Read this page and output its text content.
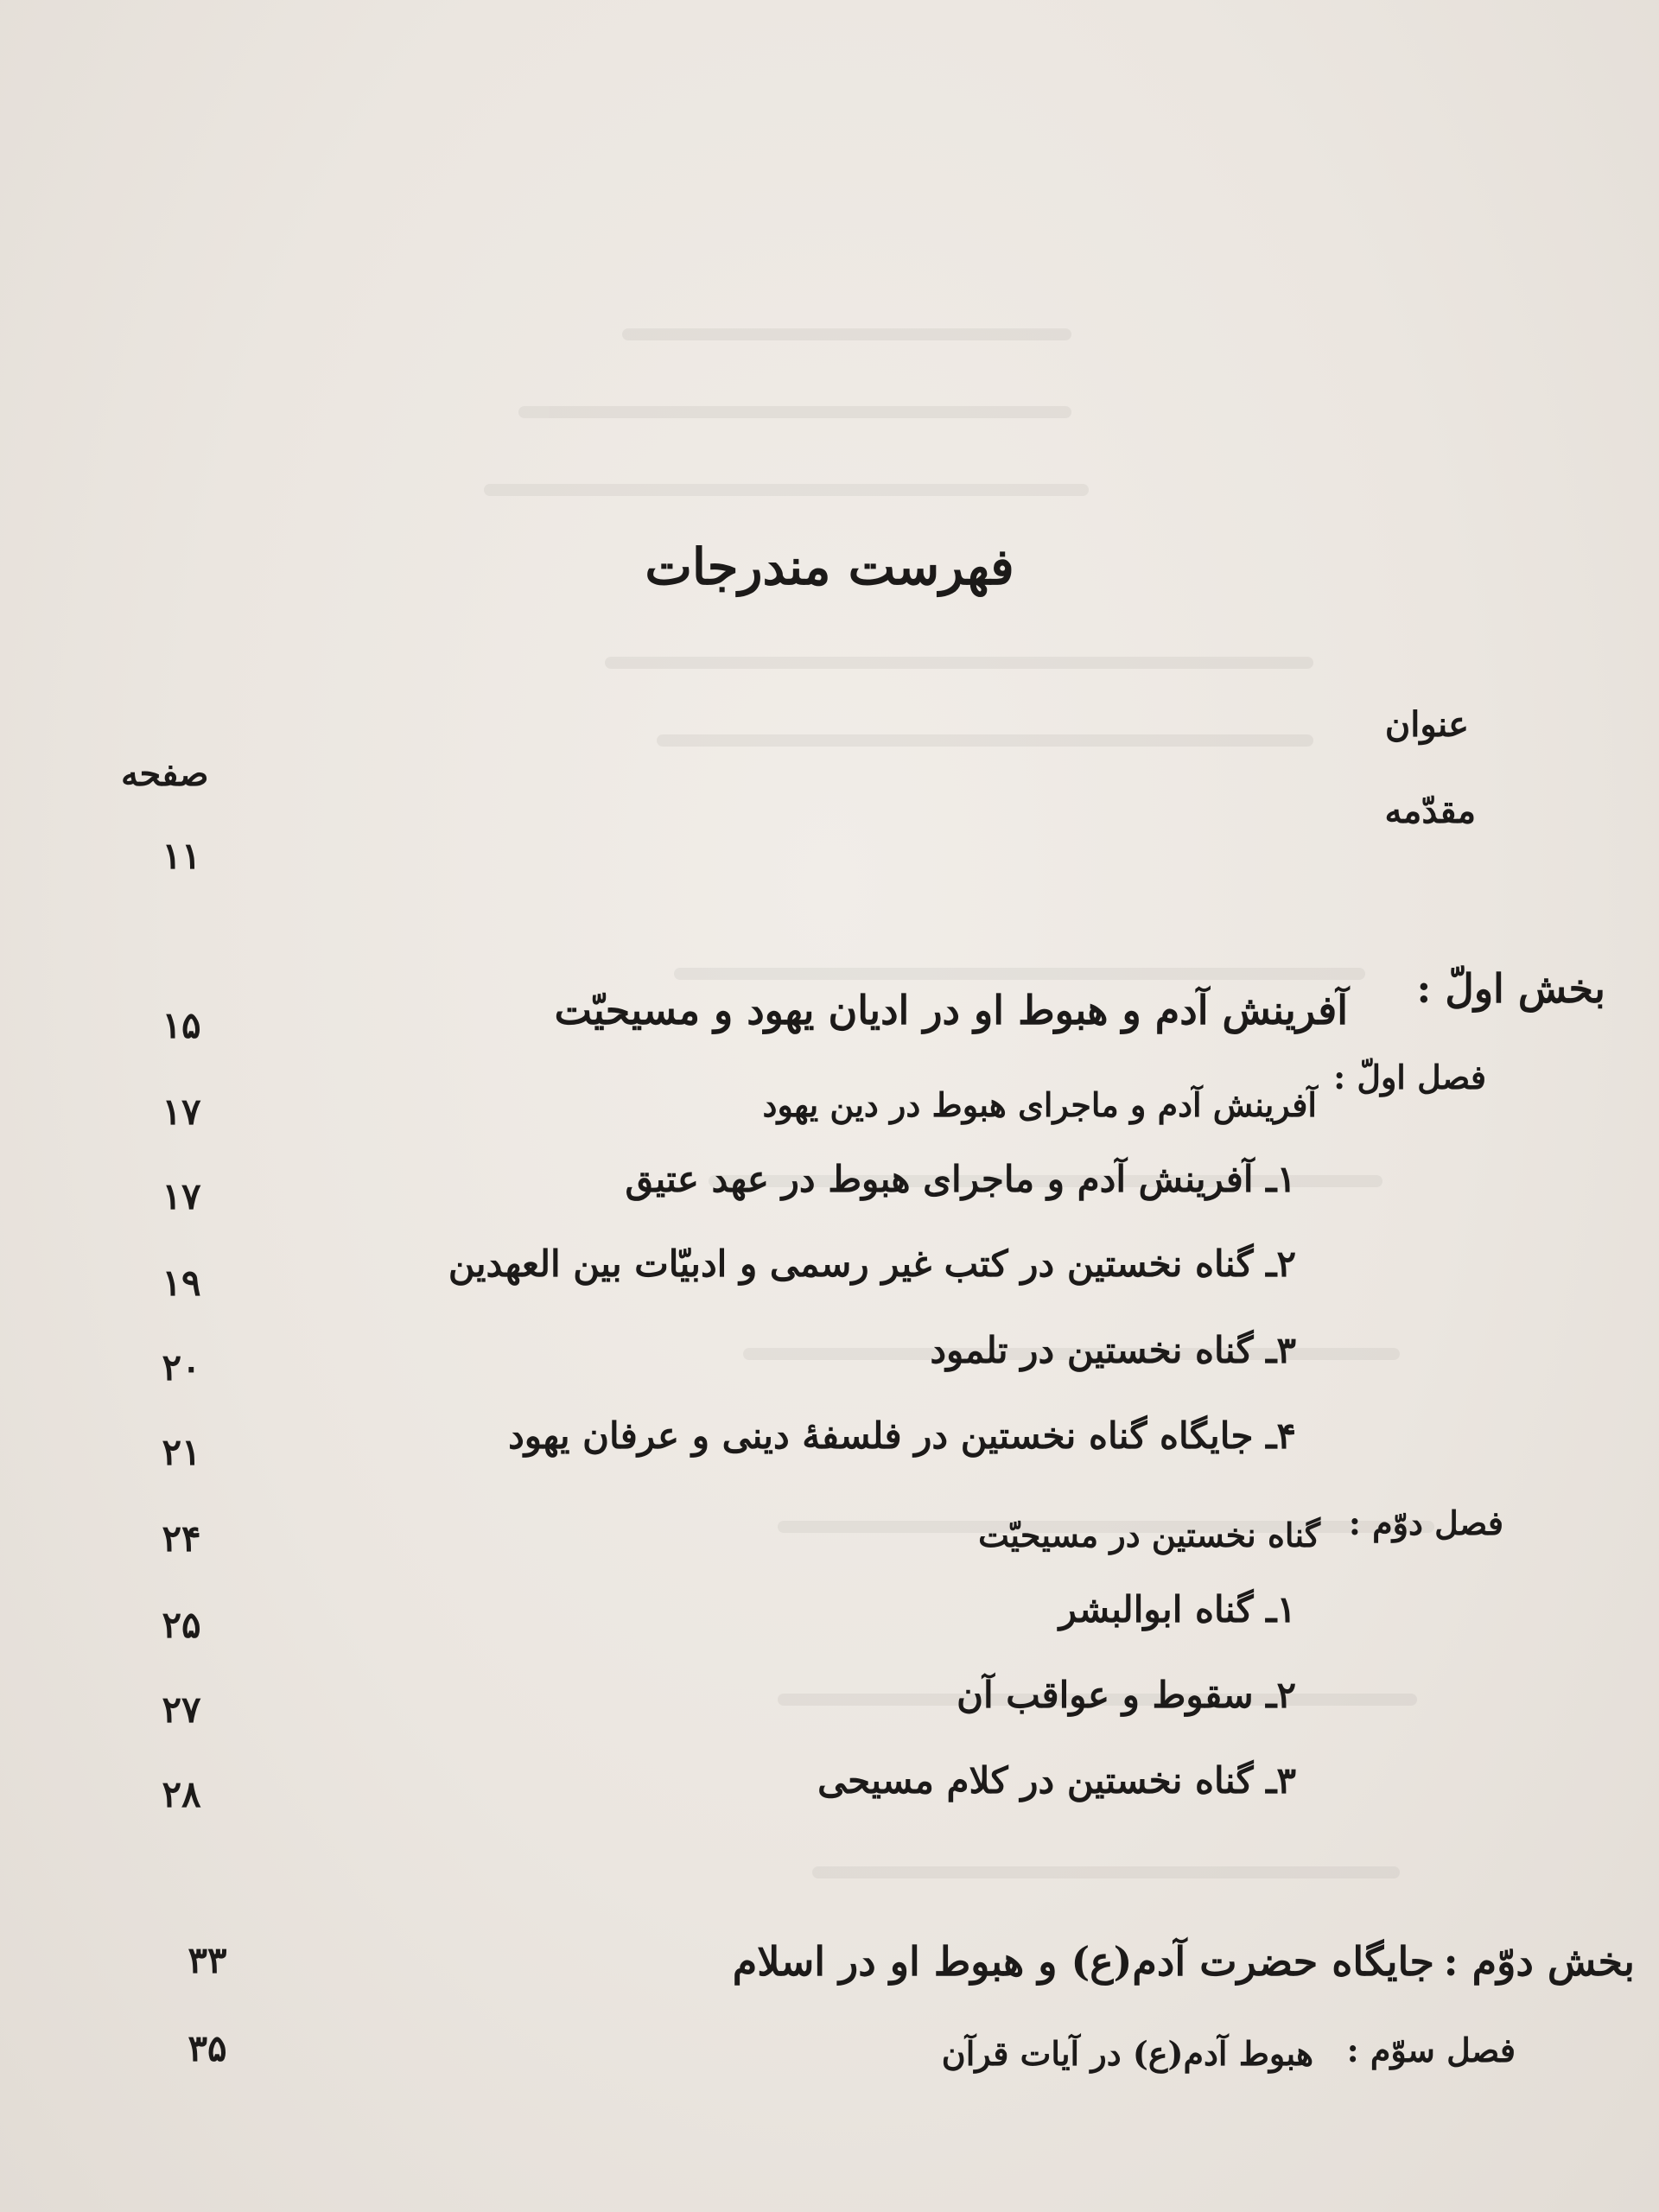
فهرست مندرجات
عنوان
صفحه
مقدّمه
۱۱
بخش اولّ :
آفرینش آدم و هبوط او در ادیان یهود و مسیحیّت
۱۵
فصل اولّ :
آفرینش آدم و ماجرای هبوط در دین یهود
۱۷
۱ـ آفرینش آدم و ماجرای هبوط در عهد عتیق
۱۷
۲ـ گناه نخستین در کتب غیر رسمی و ادبیّات بین العهدین
۱۹
۳ـ گناه نخستین در تلمود
۲۰
۴ـ جایگاه گناه نخستین در فلسفهٔ دینی و عرفان یهود
۲۱
فصل دوّم :
گناه نخستین در مسیحیّت
۲۴
۱ـ گناه ابوالبشر
۲۵
۲ـ سقوط و عواقب آن
۲۷
۳ـ گناه نخستین در کلام مسیحی
۲۸
بخش دوّم :
جایگاه حضرت آدم(ع) و هبوط او در اسلام
۳۳
فصل سوّم :
هبوط آدم(ع) در آیات قرآن
۳۵
